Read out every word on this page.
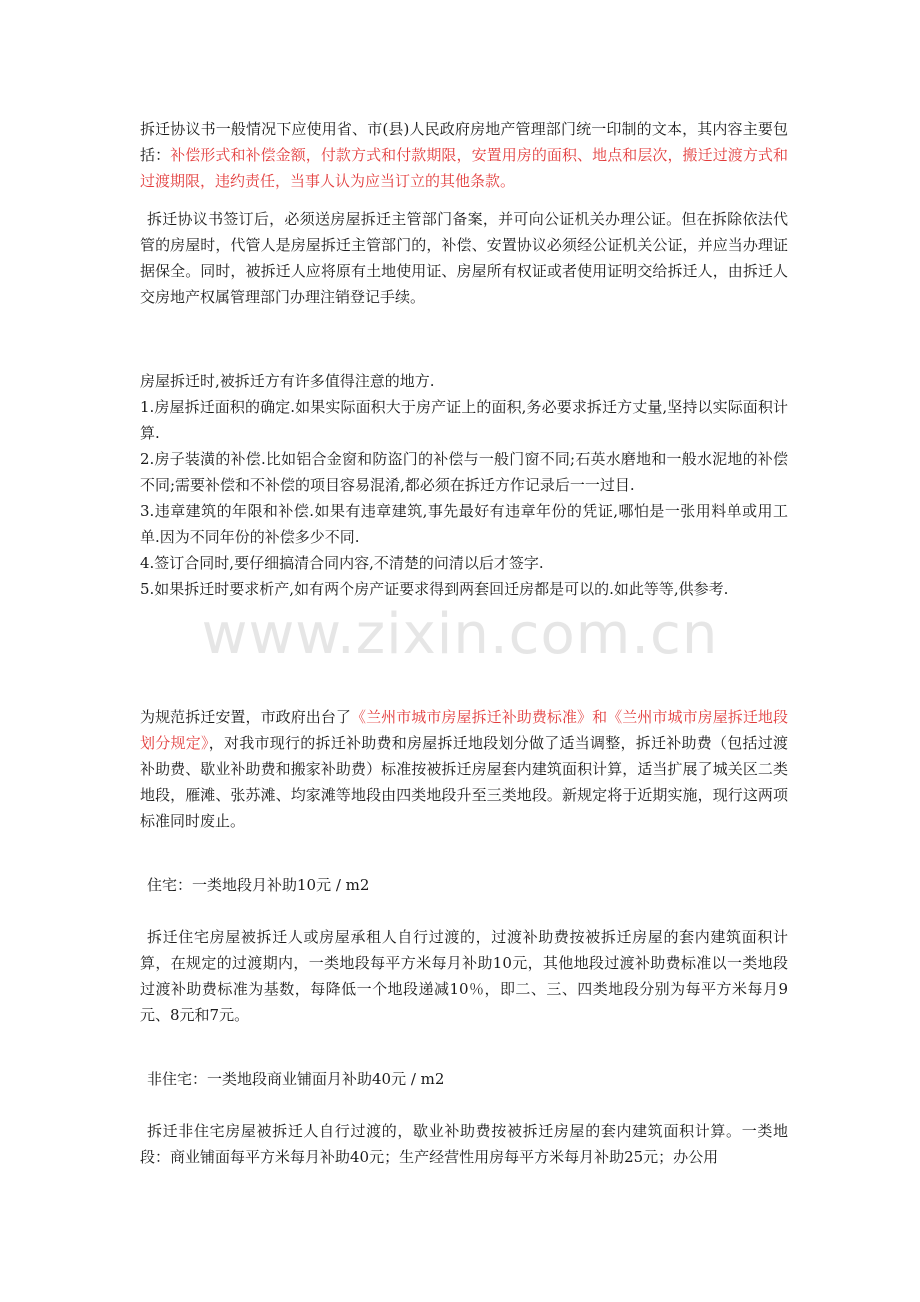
www.zixin.com.cn

拆迁协议书一般情况下应使用省、市(县)人民政府房地产管理部门统一印制的文本，其内容主要包括：补偿形式和补偿金额，付款方式和付款期限，安置用房的面积、地点和层次，搬迁过渡方式和过渡期限，违约责任，当事人认为应当订立的其他条款。

拆迁协议书签订后，必须送房屋拆迁主管部门备案，并可向公证机关办理公证。但在拆除依法代管的房屋时，代管人是房屋拆迁主管部门的，补偿、安置协议必须经公证机关公证，并应当办理证据保全。同时，被拆迁人应将原有土地使用证、房屋所有权证或者使用证明交给拆迁人，由拆迁人交房地产权属管理部门办理注销登记手续。

房屋拆迁时,被拆迁方有许多值得注意的地方.

1.房屋拆迁面积的确定.如果实际面积大于房产证上的面积,务必要求拆迁方丈量,坚持以实际面积计算.

2.房子装潢的补偿.比如铝合金窗和防盗门的补偿与一般门窗不同;石英水磨地和一般水泥地的补偿不同;需要补偿和不补偿的项目容易混淆,都必须在拆迁方作记录后一一过目.

3.违章建筑的年限和补偿.如果有违章建筑,事先最好有违章年份的凭证,哪怕是一张用料单或用工单.因为不同年份的补偿多少不同.

4.签订合同时,要仔细搞清合同内容,不清楚的问清以后才签字.

5.如果拆迁时要求析产,如有两个房产证要求得到两套回迁房都是可以的.如此等等,供参考.

为规范拆迁安置，市政府出台了《兰州市城市房屋拆迁补助费标准》和《兰州市城市房屋拆迁地段划分规定》，对我市现行的拆迁补助费和房屋拆迁地段划分做了适当调整，拆迁补助费（包括过渡补助费、歇业补助费和搬家补助费）标准按被拆迁房屋套内建筑面积计算，适当扩展了城关区二类地段，雁滩、张苏滩、均家滩等地段由四类地段升至三类地段。新规定将于近期实施，现行这两项标准同时废止。

住宅：一类地段月补助10元 / m2

拆迁住宅房屋被拆迁人或房屋承租人自行过渡的，过渡补助费按被拆迁房屋的套内建筑面积计算，在规定的过渡期内，一类地段每平方米每月补助10元，其他地段过渡补助费标准以一类地段过渡补助费标准为基数，每降低一个地段递减10％，即二、三、四类地段分别为每平方米每月9元、8元和7元。

非住宅：一类地段商业铺面月补助40元 / m2

拆迁非住宅房屋被拆迁人自行过渡的，歇业补助费按被拆迁房屋的套内建筑面积计算。一类地段：商业铺面每平方米每月补助40元；生产经营性用房每平方米每月补助25元；办公用
